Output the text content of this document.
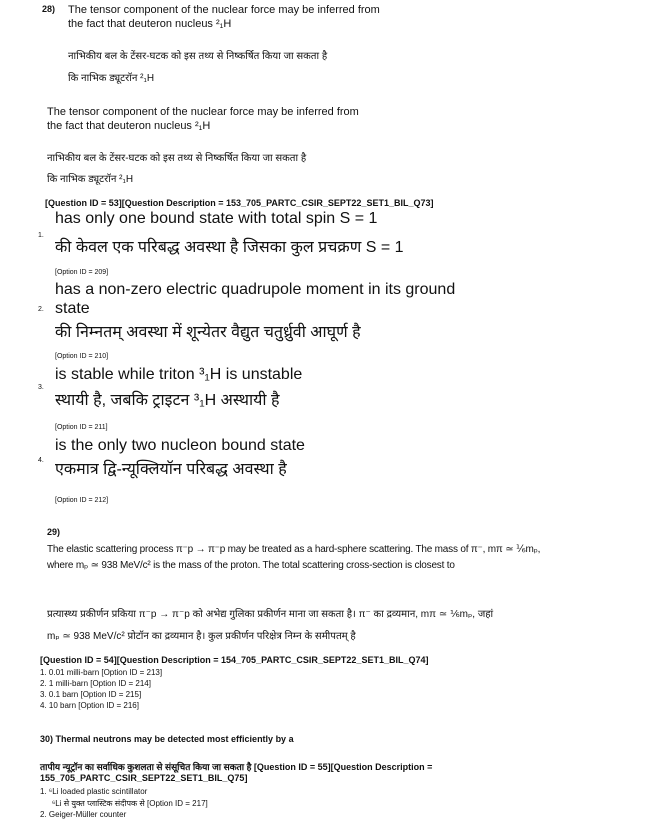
28) The tensor component of the nuclear force may be inferred from
the fact that deuteron nucleus ²₁H
नाभिकीय बल के टेंसर-घटक को इस तथ्य से निष्कर्षित किया जा सकता है
कि नाभिक ड्यूटरॉन ²₁H
The tensor component of the nuclear force may be inferred from
the fact that deuteron nucleus ²₁H
नाभिकीय बल के टेंसर-घटक को इस तथ्य से निष्कर्षित किया जा सकता है
कि नाभिक ड्यूटरॉन ²₁H
[Question ID = 53][Question Description = 153_705_PARTC_CSIR_SEPT22_SET1_BIL_Q73]
has only one bound state with total spin S = 1
1.
की केवल एक परिबद्ध अवस्था है जिसका कुल प्रचक्रण S = 1
[Option ID = 209]
has a non-zero electric quadrupole moment in its ground
2. state
की निम्नतम् अवस्था में शून्येतर वैद्युत चतुर्ध्रुवी आघूर्ण है
[Option ID = 210]
is stable while triton ³₁H is unstable
3.
स्थायी है, जबकि ट्राइटन ³₁H अस्थायी है
[Option ID = 211]
is the only two nucleon bound state
4.
एकमात्र द्वि-न्यूक्लियॉन परिबद्ध अवस्था है
[Option ID = 212]
29)
The elastic scattering process π⁻p → π⁻p may be treated as a hard-sphere scattering. The mass of π⁻, mπ ≃ ⅙mₚ,
where mₚ ≃ 938 MeV/c² is the mass of the proton. The total scattering cross-section is closest to
प्रत्यास्थ्य प्रकीर्णन प्रकिया π⁻p → π⁻p को अभेद्य गुलिका प्रकीर्णन माना जा सकता है। π⁻ का द्रव्यमान, mπ ≃ ⅙mₚ, जहां
mₚ ≃ 938 MeV/c² प्रोटॉन का द्रव्यमान है। कुल प्रकीर्णन परिक्षेत्र निम्न के समीपतम् है
[Question ID = 54][Question Description = 154_705_PARTC_CSIR_SEPT22_SET1_BIL_Q74]
1. 0.01 milli-barn [Option ID = 213]
2. 1 milli-barn [Option ID = 214]
3. 0.1 barn [Option ID = 215]
4. 10 barn [Option ID = 216]
30) Thermal neutrons may be detected most efficiently by a
तापीय न्यूट्रॉन का सर्वाधिक कुशलता से संसूचित किया जा सकता है [Question ID = 55][Question Description =
155_705_PARTC_CSIR_SEPT22_SET1_BIL_Q75]
1. ⁶Li loaded plastic scintillator
⁶Li से युक्त प्लास्टिक संदीपक से [Option ID = 217]
2. Geiger-Müller counter
